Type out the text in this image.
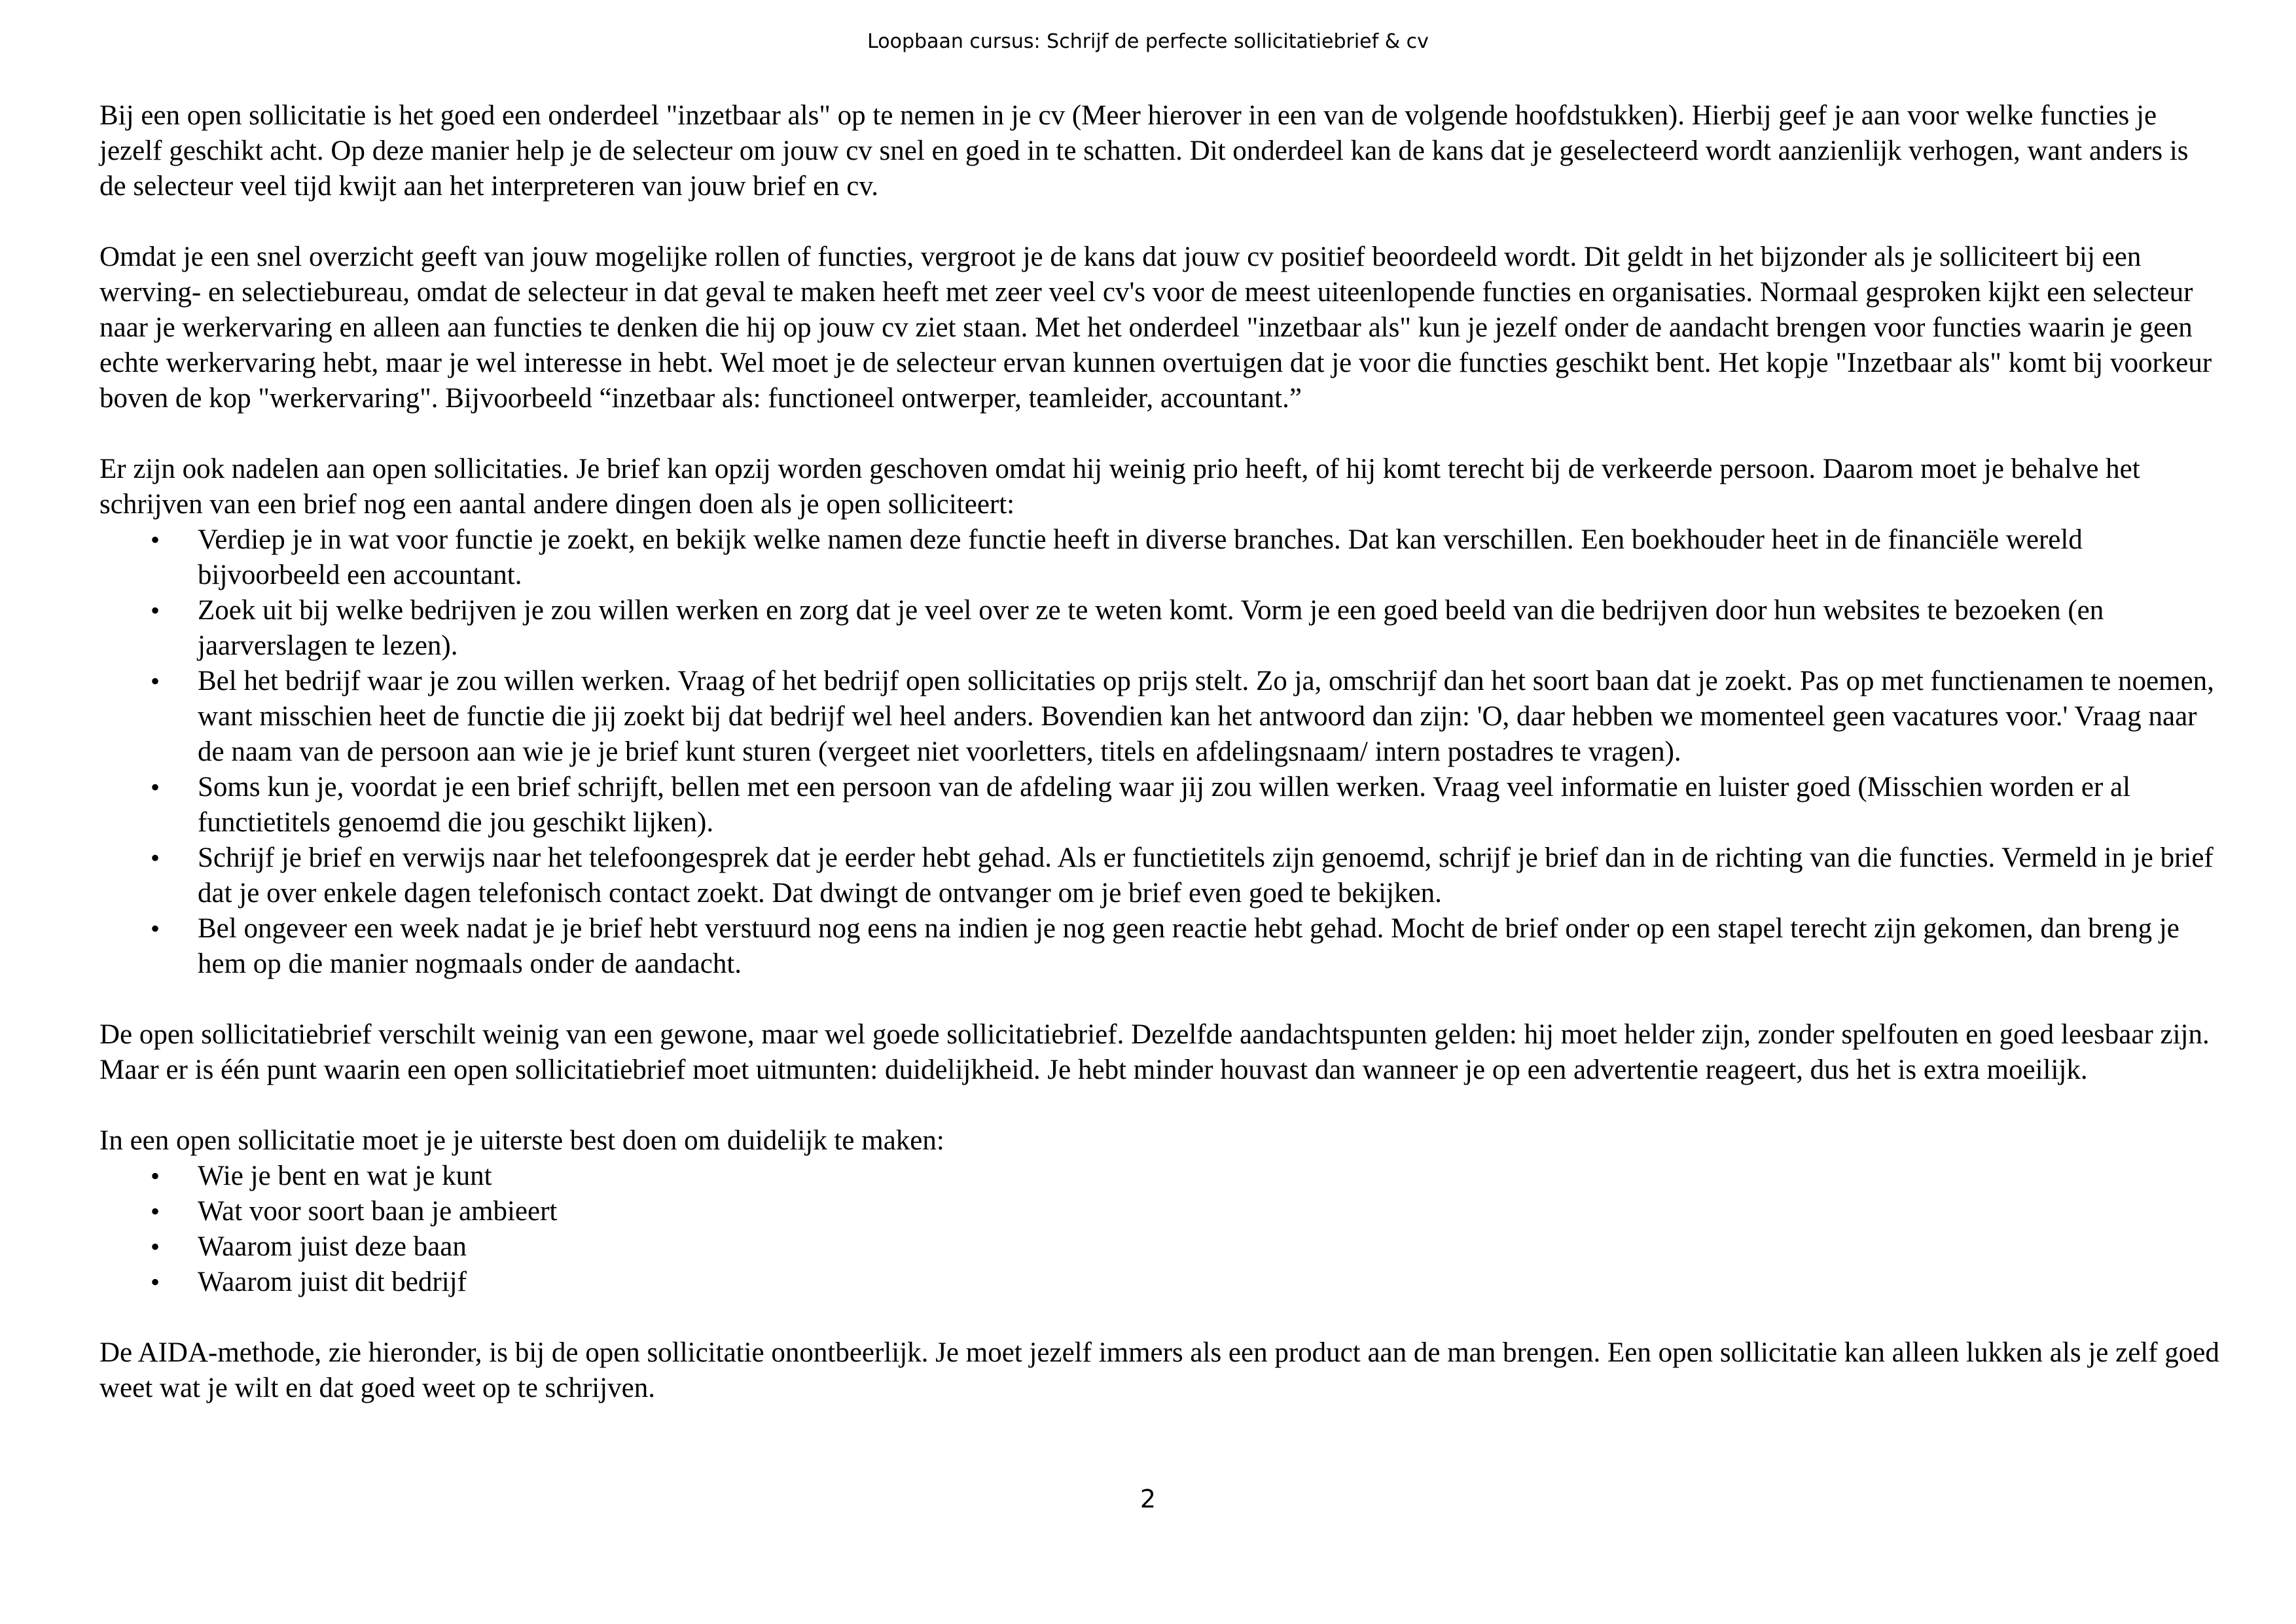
Loopbaan cursus: Schrijf de perfecte sollicitatiebrief & cv

Bij een open sollicitatie is het goed een onderdeel "inzetbaar als" op te nemen in je cv (Meer hierover in een van de volgende hoofdstukken). Hierbij geef je aan voor welke functies je jezelf geschikt acht. Op deze manier help je de selecteur om jouw cv snel en goed in te schatten. Dit onderdeel kan de kans dat je geselecteerd wordt aanzienlijk verhogen, want anders is de selecteur veel tijd kwijt aan het interpreteren van jouw brief en cv.

Omdat je een snel overzicht geeft van jouw mogelijke rollen of functies, vergroot je de kans dat jouw cv positief beoordeeld wordt. Dit geldt in het bijzonder als je solliciteert bij een werving- en selectiebureau, omdat de selecteur in dat geval te maken heeft met zeer veel cv's voor de meest uiteenlopende functies en organisaties. Normaal gesproken kijkt een selecteur naar je werkervaring en alleen aan functies te denken die hij op jouw cv ziet staan. Met het onderdeel "inzetbaar als" kun je jezelf onder de aandacht brengen voor functies waarin je geen echte werkervaring hebt, maar je wel interesse in hebt. Wel moet je de selecteur ervan kunnen overtuigen dat je voor die functies geschikt bent. Het kopje "Inzetbaar als" komt bij voorkeur boven de kop "werkervaring". Bijvoorbeeld “inzetbaar als: functioneel ontwerper, teamleider, accountant.”

Er zijn ook nadelen aan open sollicitaties. Je brief kan opzij worden geschoven omdat hij weinig prio heeft, of hij komt terecht bij de verkeerde persoon. Daarom moet je behalve het schrijven van een brief nog een aantal andere dingen doen als je open solliciteert:

• Verdiep je in wat voor functie je zoekt, en bekijk welke namen deze functie heeft in diverse branches. Dat kan verschillen. Een boekhouder heet in de financiële wereld bijvoorbeeld een accountant.
• Zoek uit bij welke bedrijven je zou willen werken en zorg dat je veel over ze te weten komt. Vorm je een goed beeld van die bedrijven door hun websites te bezoeken (en jaarverslagen te lezen).
• Bel het bedrijf waar je zou willen werken. Vraag of het bedrijf open sollicitaties op prijs stelt. Zo ja, omschrijf dan het soort baan dat je zoekt. Pas op met functienamen te noemen, want misschien heet de functie die jij zoekt bij dat bedrijf wel heel anders. Bovendien kan het antwoord dan zijn: 'O, daar hebben we momenteel geen vacatures voor.' Vraag naar de naam van de persoon aan wie je je brief kunt sturen (vergeet niet voorletters, titels en afdelingsnaam/ intern postadres te vragen).
• Soms kun je, voordat je een brief schrijft, bellen met een persoon van de afdeling waar jij zou willen werken. Vraag veel informatie en luister goed (Misschien worden er al functietitels genoemd die jou geschikt lijken).
• Schrijf je brief en verwijs naar het telefoongesprek dat je eerder hebt gehad. Als er functietitels zijn genoemd, schrijf je brief dan in de richting van die functies. Vermeld in je brief dat je over enkele dagen telefonisch contact zoekt. Dat dwingt de ontvanger om je brief even goed te bekijken.
• Bel ongeveer een week nadat je je brief hebt verstuurd nog eens na indien je nog geen reactie hebt gehad. Mocht de brief onder op een stapel terecht zijn gekomen, dan breng je hem op die manier nogmaals onder de aandacht.

De open sollicitatiebrief verschilt weinig van een gewone, maar wel goede sollicitatiebrief. Dezelfde aandachtspunten gelden: hij moet helder zijn, zonder spelfouten en goed leesbaar zijn. Maar er is één punt waarin een open sollicitatiebrief moet uitmunten: duidelijkheid. Je hebt minder houvast dan wanneer je op een advertentie reageert, dus het is extra moeilijk.

In een open sollicitatie moet je je uiterste best doen om duidelijk te maken:

• Wie je bent en wat je kunt
• Wat voor soort baan je ambieert
• Waarom juist deze baan
• Waarom juist dit bedrijf

De AIDA-methode, zie hieronder, is bij de open sollicitatie onontbeerlijk. Je moet jezelf immers als een product aan de man brengen. Een open sollicitatie kan alleen lukken als je zelf goed weet wat je wilt en dat goed weet op te schrijven.

2
